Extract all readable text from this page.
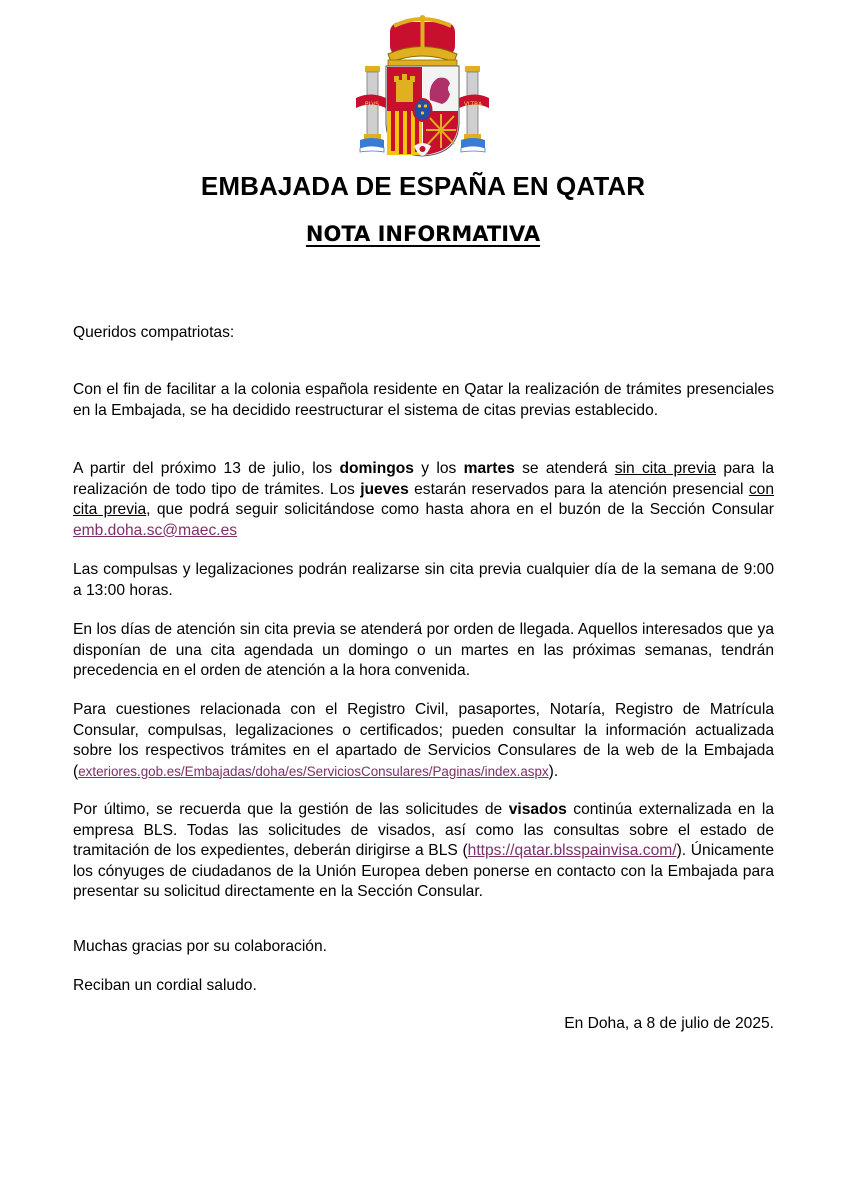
PLVS	VLTRA
EMBAJADA DE ESPAÑA EN QATAR
NOTA INFORMATIVA

Queridos compatriotas:

Con el fin de facilitar a la colonia española residente en Qatar la realización de trámites presenciales en la Embajada, se ha decidido reestructurar el sistema de citas previas establecido.

A partir del próximo 13 de julio, los domingos y los martes se atenderá sin cita previa para la realización de todo tipo de trámites. Los jueves estarán reservados para la atención presencial con cita previa, que podrá seguir solicitándose como hasta ahora en el buzón de la Sección Consular emb.doha.sc@maec.es

Las compulsas y legalizaciones podrán realizarse sin cita previa cualquier día de la semana de 9:00 a 13:00 horas.

En los días de atención sin cita previa se atenderá por orden de llegada. Aquellos interesados que ya disponían de una cita agendada un domingo o un martes en las próximas semanas, tendrán precedencia en el orden de atención a la hora convenida.

Para cuestiones relacionada con el Registro Civil, pasaportes, Notaría, Registro de Matrícula Consular, compulsas, legalizaciones o certificados; pueden consultar la información actualizada sobre los respectivos trámites en el apartado de Servicios Consulares de la web de la Embajada (exteriores.gob.es/Embajadas/doha/es/ServiciosConsulares/Paginas/index.aspx).

Por último, se recuerda que la gestión de las solicitudes de visados continúa externalizada en la empresa BLS. Todas las solicitudes de visados, así como las consultas sobre el estado de tramitación de los expedientes, deberán dirigirse a BLS (https://qatar.blsspainvisa.com/). Únicamente los cónyuges de ciudadanos de la Unión Europea deben ponerse en contacto con la Embajada para presentar su solicitud directamente en la Sección Consular.

Muchas gracias por su colaboración.

Reciban un cordial saludo.

En Doha, a 8 de julio de 2025.
